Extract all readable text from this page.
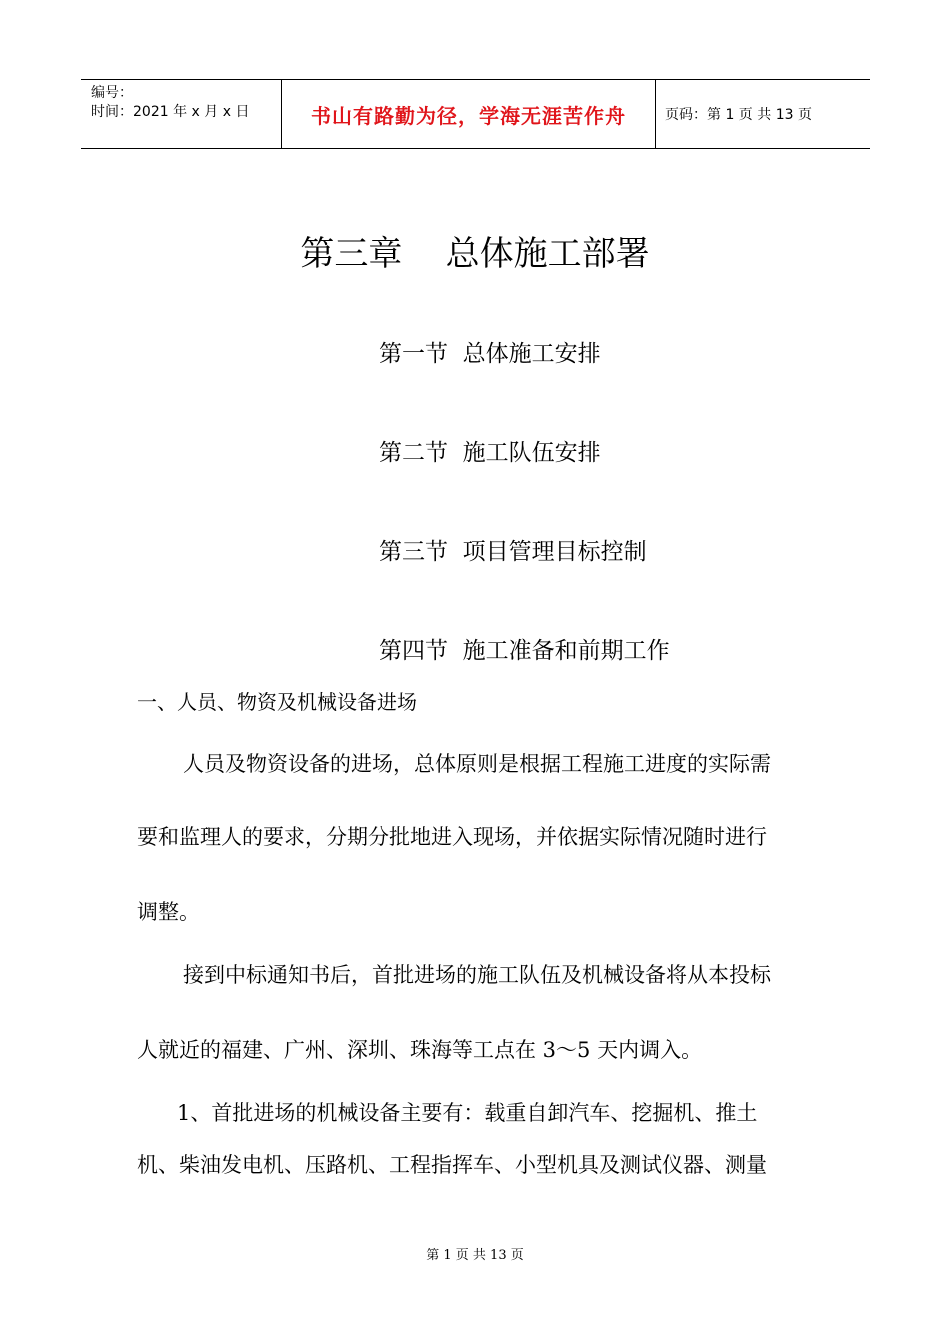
编号：
时间：2021 年 x 月 x 日	书山有路勤为径，学海无涯苦作舟	页码：第 1 页 共 13 页
第三章    总体施工部署
第一节 总体施工安排
第二节 施工队伍安排
第三节 项目管理目标控制
第四节 施工准备和前期工作
一、人员、物资及机械设备进场
人员及物资设备的进场，总体原则是根据工程施工进度的实际需
要和监理人的要求，分期分批地进入现场，并依据实际情况随时进行
调整。
接到中标通知书后，首批进场的施工队伍及机械设备将从本投标
人就近的福建、广州、深圳、珠海等工点在 3～5 天内调入。
1、首批进场的机械设备主要有：载重自卸汽车、挖掘机、推土
机、柴油发电机、压路机、工程指挥车、小型机具及测试仪器、测量
第 1 页 共 13 页
